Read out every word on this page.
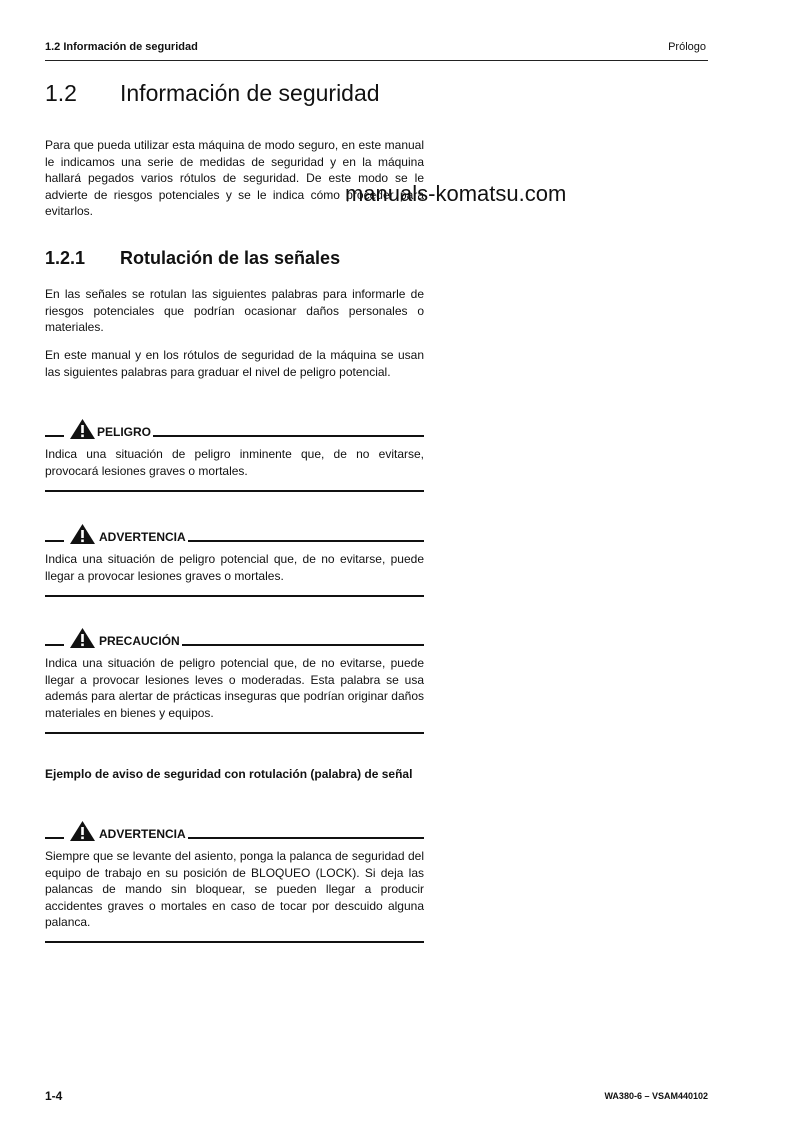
1.2 Información de seguridad	Prólogo
1.2 Información de seguridad
Para que pueda utilizar esta máquina de modo seguro, en este manual le indicamos una serie de medidas de seguridad y en la máquina hallará pegados varios rótulos de seguridad. De este modo se le advierte de riesgos potenciales y se le indica cómo proceder para evitarlos.
manuals-komatsu.com
1.2.1 Rotulación de las señales
En las señales se rotulan las siguientes palabras para informarle de riesgos potenciales que podrían ocasionar daños personales o materiales.
En este manual y en los rótulos de seguridad de la máquina se usan las siguientes palabras para graduar el nivel de peligro potencial.
PELIGRO
Indica una situación de peligro inminente que, de no evitarse, provocará lesiones graves o mortales.
ADVERTENCIA
Indica una situación de peligro potencial que, de no evitarse, puede llegar a provocar lesiones graves o mortales.
PRECAUCIÓN
Indica una situación de peligro potencial que, de no evitarse, puede llegar a provocar lesiones leves o moderadas. Esta palabra se usa además para alertar de prácticas inseguras que podrían originar daños materiales en bienes y equipos.
Ejemplo de aviso de seguridad con rotulación (palabra) de señal
ADVERTENCIA
Siempre que se levante del asiento, ponga la palanca de seguridad del equipo de trabajo en su posición de BLOQUEO (LOCK). Si deja las palancas de mando sin bloquear, se pueden llegar a producir accidentes graves o mortales en caso de tocar por descuido alguna palanca.
1-4	WA380-6 – VSAM440102
